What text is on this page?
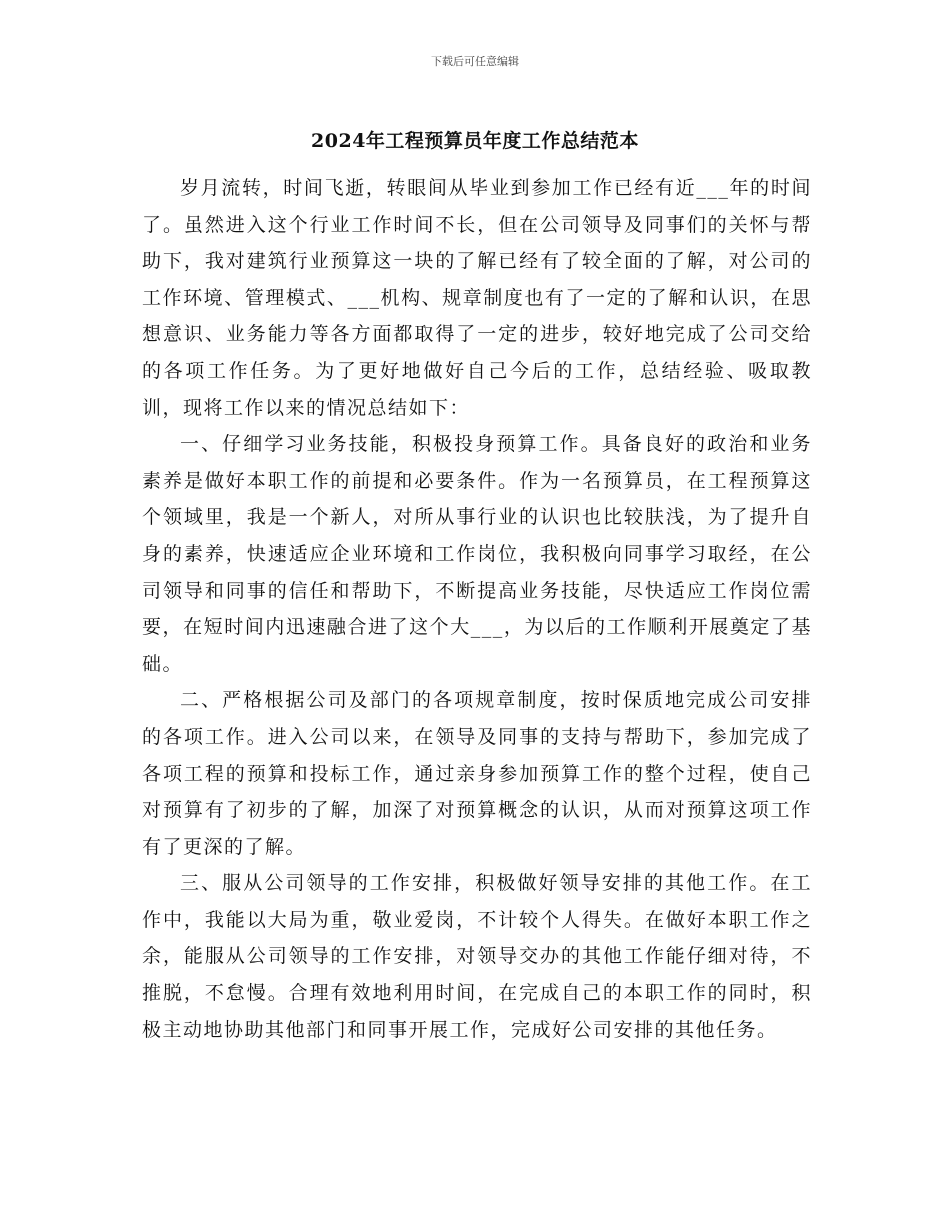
下载后可任意编辑
2024年工程预算员年度工作总结范本

岁月流转，时间飞逝，转眼间从毕业到参加工作已经有近___年的时间了。虽然进入这个行业工作时间不长，但在公司领导及同事们的关怀与帮助下，我对建筑行业预算这一块的了解已经有了较全面的了解，对公司的工作环境、管理模式、___机构、规章制度也有了一定的了解和认识，在思想意识、业务能力等各方面都取得了一定的进步，较好地完成了公司交给的各项工作任务。为了更好地做好自己今后的工作，总结经验、吸取教训，现将工作以来的情况总结如下：

一、仔细学习业务技能，积极投身预算工作。具备良好的政治和业务素养是做好本职工作的前提和必要条件。作为一名预算员，在工程预算这个领域里，我是一个新人，对所从事行业的认识也比较肤浅，为了提升自身的素养，快速适应企业环境和工作岗位，我积极向同事学习取经，在公司领导和同事的信任和帮助下，不断提高业务技能，尽快适应工作岗位需要，在短时间内迅速融合进了这个大___，为以后的工作顺利开展奠定了基础。

二、严格根据公司及部门的各项规章制度，按时保质地完成公司安排的各项工作。进入公司以来，在领导及同事的支持与帮助下，参加完成了各项工程的预算和投标工作，通过亲身参加预算工作的整个过程，使自己对预算有了初步的了解，加深了对预算概念的认识，从而对预算这项工作有了更深的了解。

三、服从公司领导的工作安排，积极做好领导安排的其他工作。在工作中，我能以大局为重，敬业爱岗，不计较个人得失。在做好本职工作之余，能服从公司领导的工作安排，对领导交办的其他工作能仔细对待，不推脱，不怠慢。合理有效地利用时间，在完成自己的本职工作的同时，积极主动地协助其他部门和同事开展工作，完成好公司安排的其他任务。
